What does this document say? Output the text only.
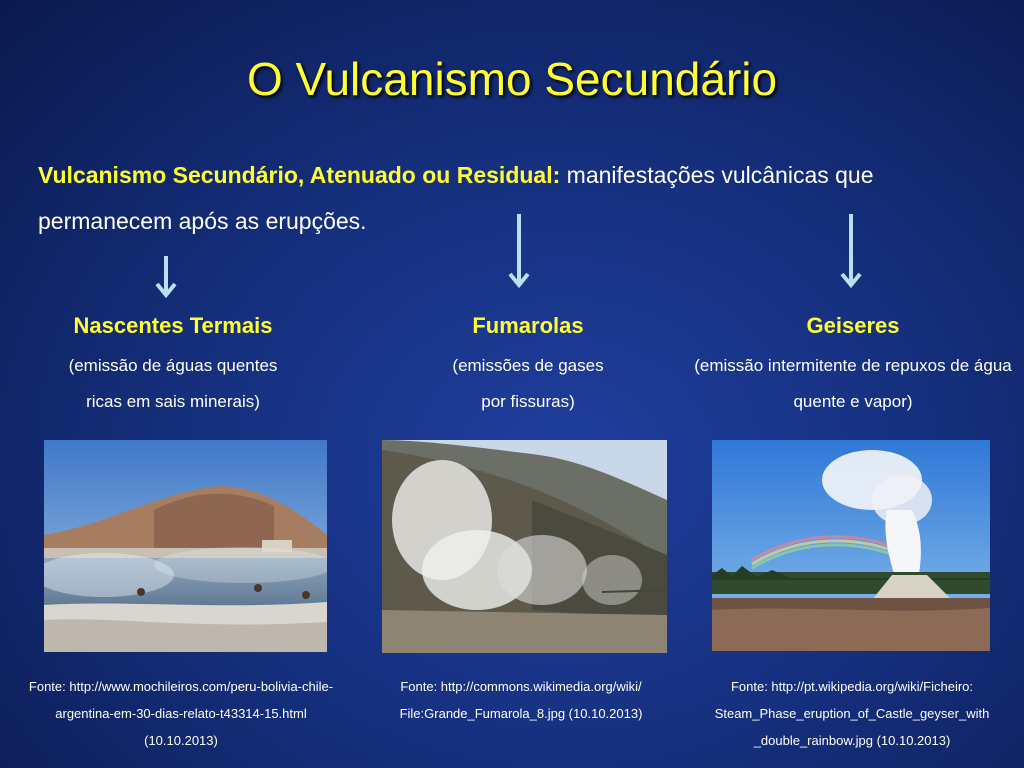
O Vulcanismo Secundário
Vulcanismo Secundário, Atenuado ou Residual: manifestações vulcânicas que permanecem após as erupções.
Nascentes Termais
(emissão de águas quentes ricas em sais minerais)
Fonte: http://www.mochileiros.com/peru-bolivia-chile-argentina-em-30-dias-relato-t43314-15.html (10.10.2013)
Fumarolas
(emissões de gases por fissuras)
Fonte: http://commons.wikimedia.org/wiki/ File:Grande_Fumarola_8.jpg (10.10.2013)
Geiseres
(emissão intermitente de repuxos de água quente e vapor)
Fonte: http://pt.wikipedia.org/wiki/Ficheiro: Steam_Phase_eruption_of_Castle_geyser_with _double_rainbow.jpg (10.10.2013)
